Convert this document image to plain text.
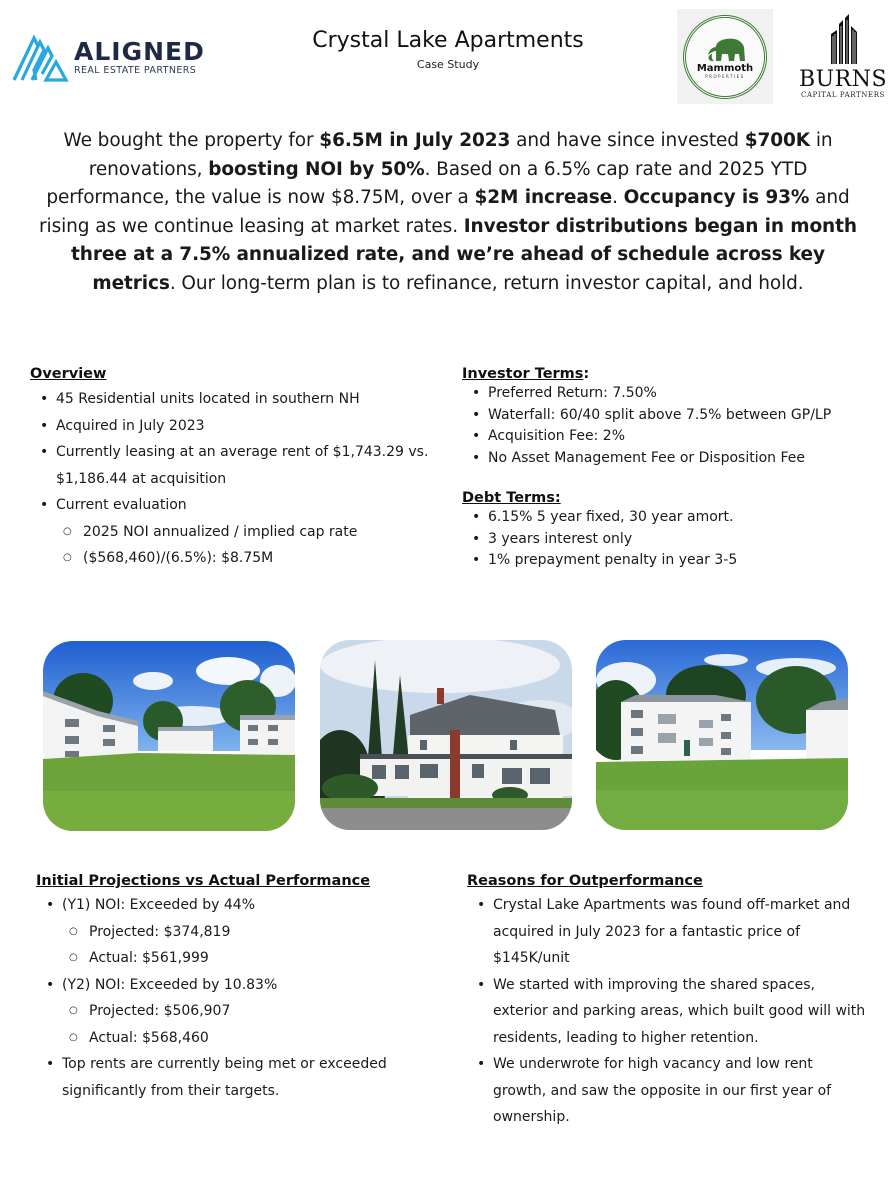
ALIGNED
REAL ESTATE PARTNERS
Crystal Lake Apartments
Case Study	Mammoth
PROPERTIES BURNS
CAPITAL PARTNERS
We bought the property for $6.5M in July 2023 and have since invested $700K in renovations, boosting NOI by 50%. Based on a 6.5% cap rate and 2025 YTD performance, the value is now $8.75M, over a $2M increase. Occupancy is 93% and rising as we continue leasing at market rates. Investor distributions began in month three at a 7.5% annualized rate, and we’re ahead of schedule across key metrics. Our long-term plan is to refinance, return investor capital, and hold.
Overview
• 45 Residential units located in southern NH
• Acquired in July 2023
• Currently leasing at an average rent of $1,743.29 vs. $1,186.44 at acquisition
• Current evaluation
○ 2025 NOI annualized / implied cap rate
○ ($568,460)/(6.5%): $8.75M
Investor Terms:
• Preferred Return: 7.50%
• Waterfall: 60/40 split above 7.5% between GP/LP
• Acquisition Fee: 2%
• No Asset Management Fee or Disposition Fee
Debt Terms:
• 6.15% 5 year fixed, 30 year amort.
• 3 years interest only
• 1% prepayment penalty in year 3-5
Initial Projections vs Actual Performance
• (Y1) NOI: Exceeded by 44%
○ Projected: $374,819
○ Actual: $561,999
• (Y2) NOI: Exceeded by 10.83%
○ Projected: $506,907
○ Actual: $568,460
• Top rents are currently being met or exceeded significantly from their targets.
Reasons for Outperformance
• Crystal Lake Apartments was found off-market and acquired in July 2023 for a fantastic price of $145K/unit
• We started with improving the shared spaces, exterior and parking areas, which built good will with residents, leading to higher retention.
• We underwrote for high vacancy and low rent growth, and saw the opposite in our first year of ownership.
